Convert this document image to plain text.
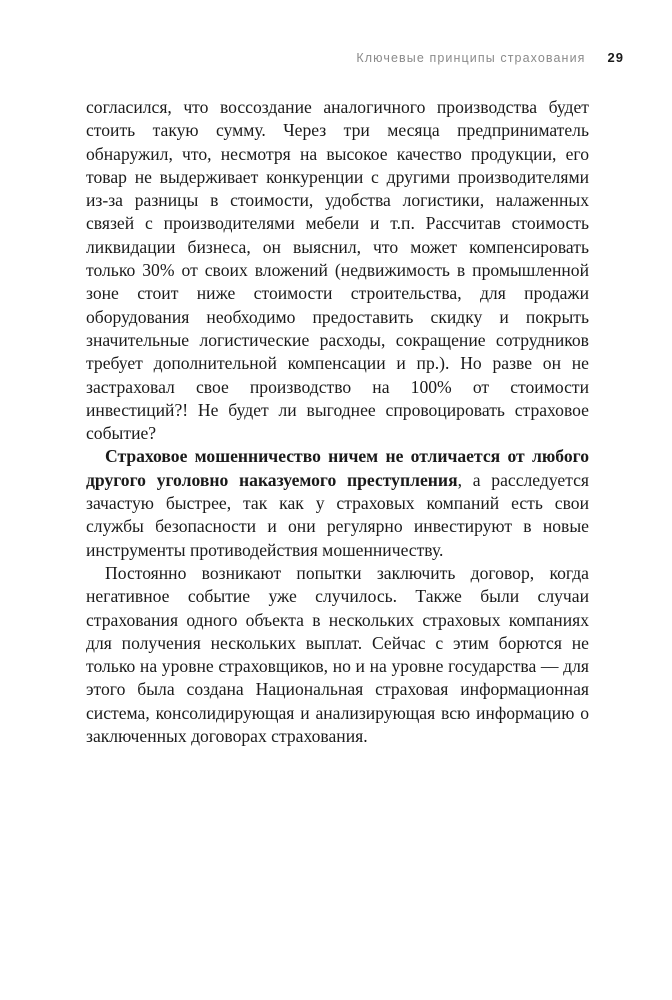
Ключевые принципы страхования 29

согласился, что воссоздание аналогичного производства будет стоить такую сумму. Через три месяца предприниматель обнаружил, что, несмотря на высокое качество продукции, его товар не выдерживает конкуренции с другими производителями из-за разницы в стоимости, удобства логистики, налаженных связей с производителями мебели и т.п. Рассчитав стоимость ликвидации бизнеса, он выяснил, что может компенсировать только 30% от своих вложений (недвижимость в промышленной зоне стоит ниже стоимости строительства, для продажи оборудования необходимо предоставить скидку и покрыть значительные логистические расходы, сокращение сотрудников требует дополнительной компенсации и пр.). Но разве он не застраховал свое производство на 100% от стоимости инвестиций?! Не будет ли выгоднее спровоцировать страховое событие?

Страховое мошенничество ничем не отличается от любого другого уголовно наказуемого преступления, а расследуется зачастую быстрее, так как у страховых компаний есть свои службы безопасности и они регулярно инвестируют в новые инструменты противодействия мошенничеству.

Постоянно возникают попытки заключить договор, когда негативное событие уже случилось. Также были случаи страхования одного объекта в нескольких страховых компаниях для получения нескольких выплат. Сейчас с этим борются не только на уровне страховщиков, но и на уровне государства — для этого была создана Национальная страховая информационная система, консолидирующая и анализирующая всю информацию о заключенных договорах страхования.
